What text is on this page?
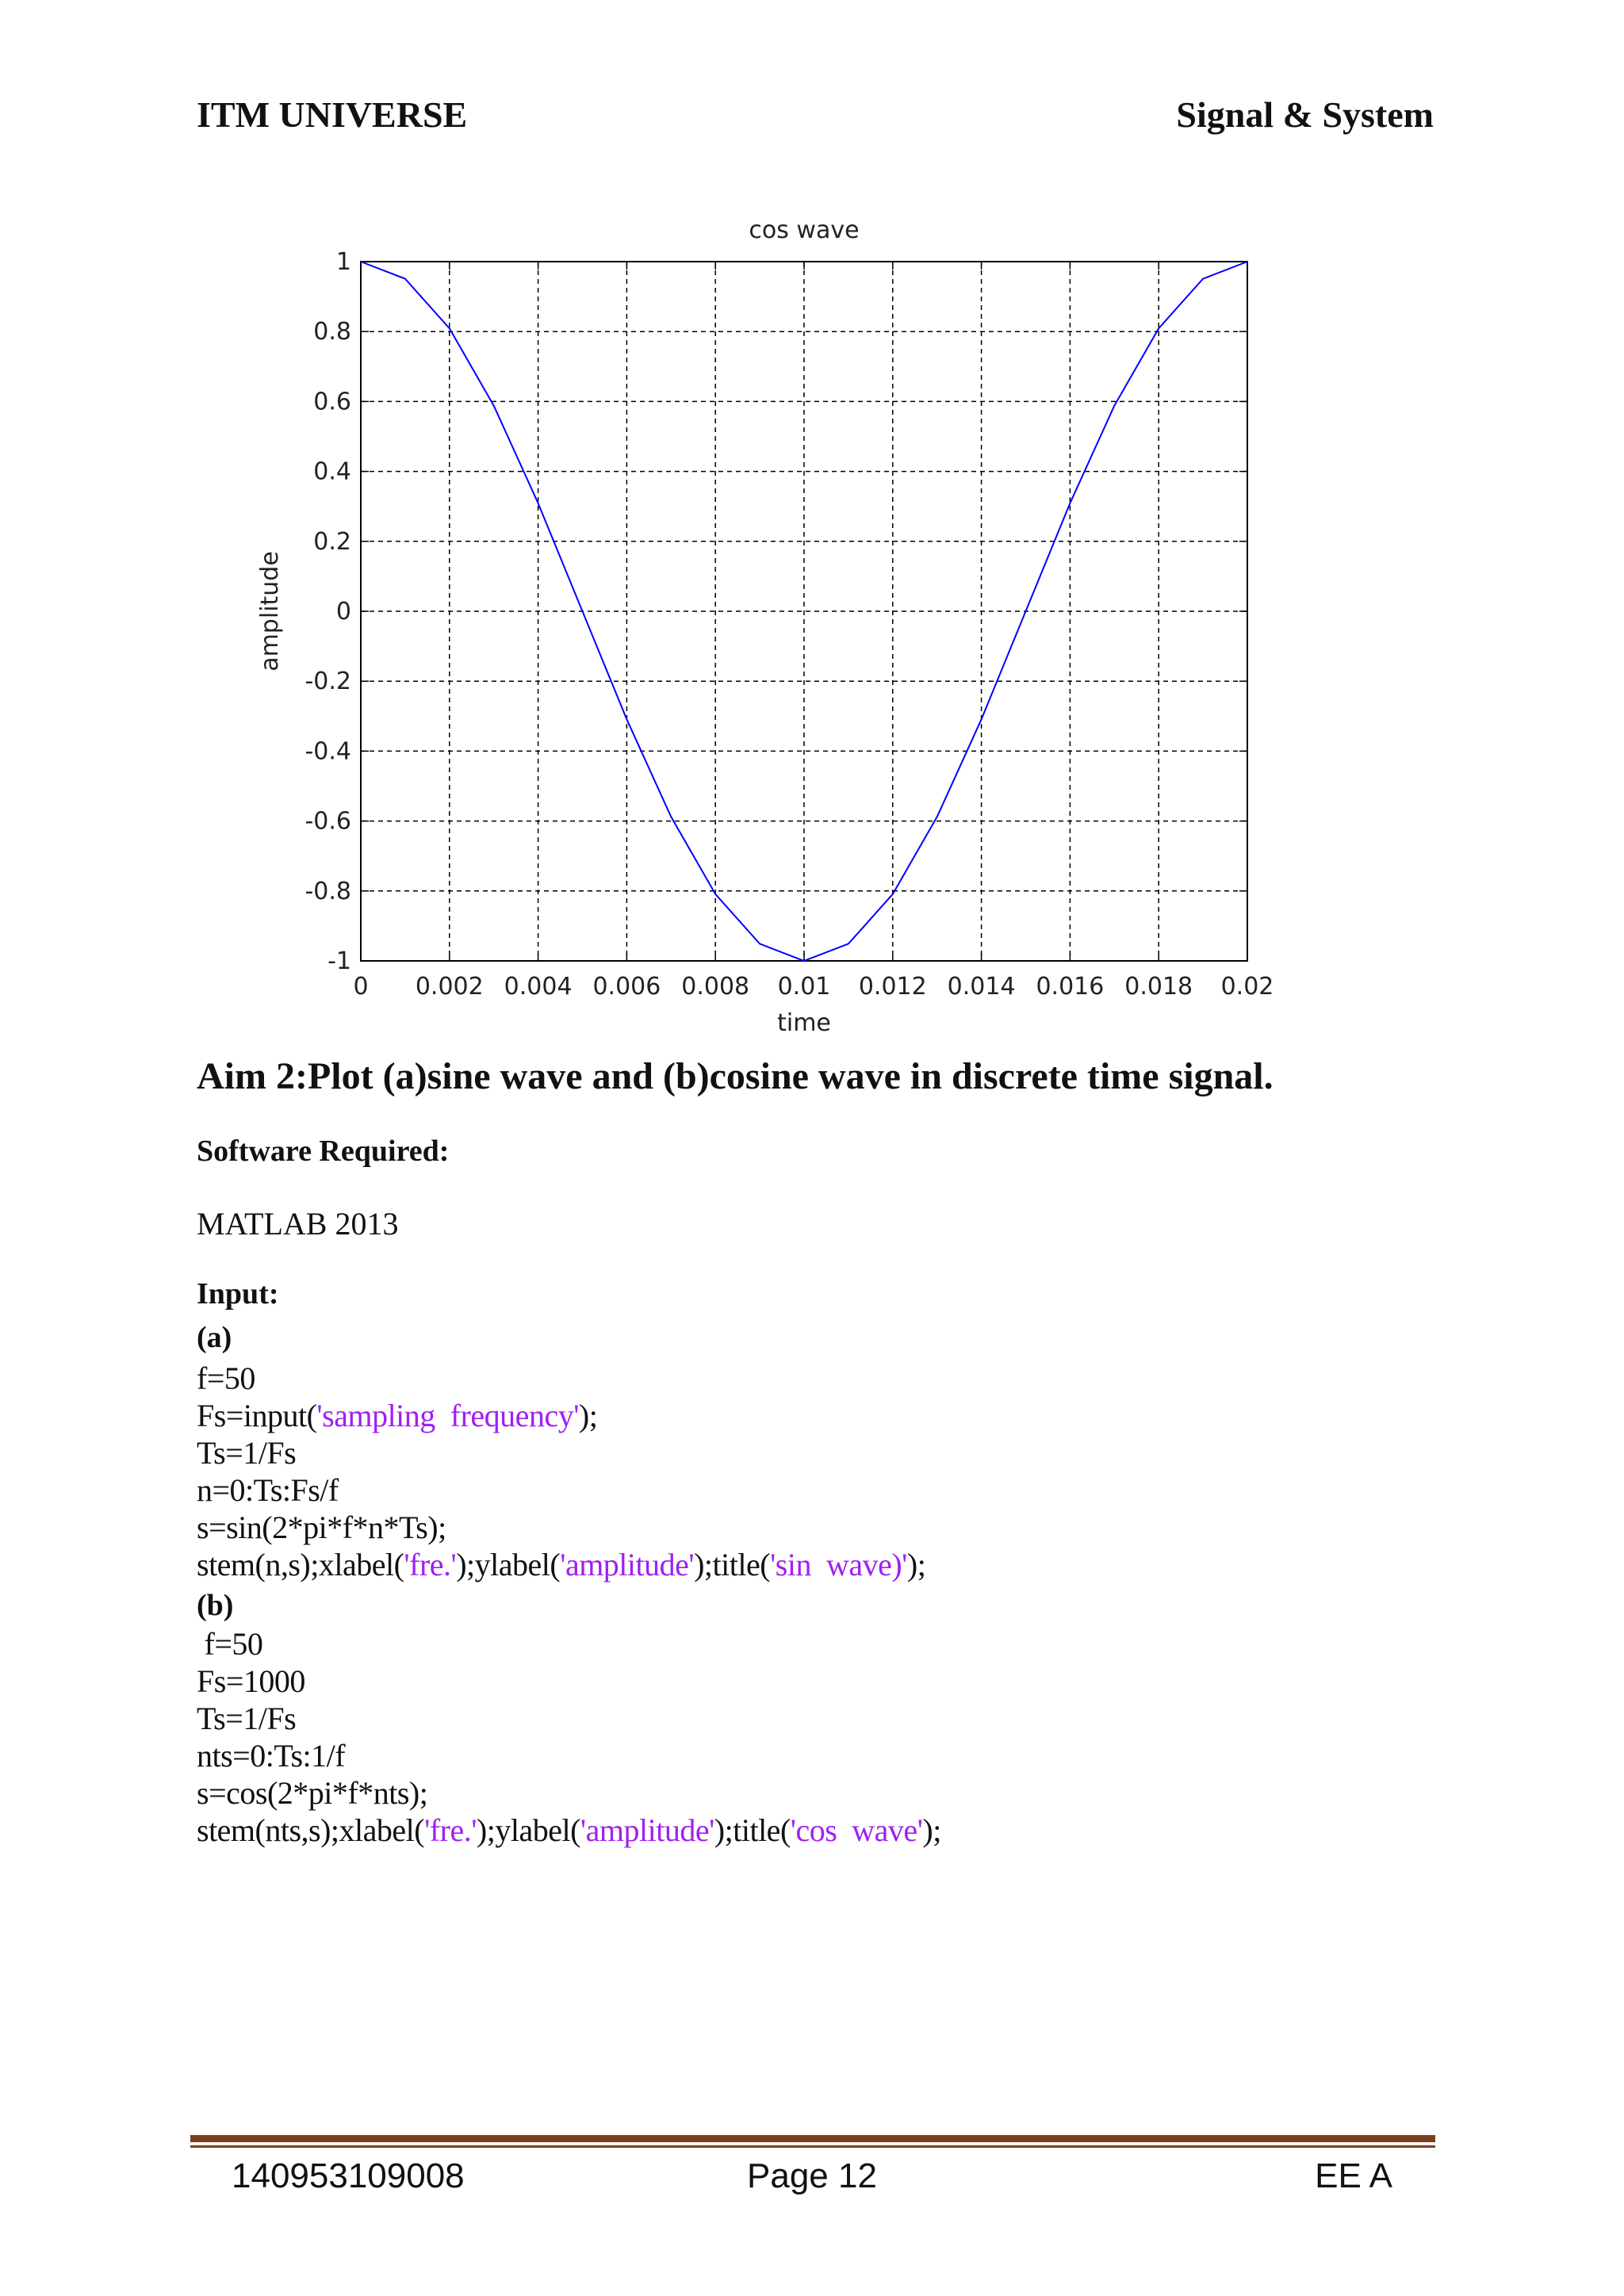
ITM UNIVERSE	Signal & System
0 0.002 0.004 0.006 0.008 0.01 0.012 0.014 0.016 0.018 0.02
1
0.8
0.6
0.4
0.2
0
-0.2
-0.4
-0.6
-0.8
-1
cos wave
time
amplitude
Aim 2:Plot (a)sine wave and (b)cosine wave in discrete time signal.
Software Required:
MATLAB 2013
Input:
(a)
f=50
Fs=input('sampling  frequency');
Ts=1/Fs
n=0:Ts:Fs/f
s=sin(2*pi*f*n*Ts);
stem(n,s);xlabel('fre.');ylabel('amplitude');title('sin  wave)');
(b)
f=50
Fs=1000
Ts=1/Fs
nts=0:Ts:1/f
s=cos(2*pi*f*nts);
stem(nts,s);xlabel('fre.');ylabel('amplitude');title('cos  wave');
140953109008	Page 12	EE A
